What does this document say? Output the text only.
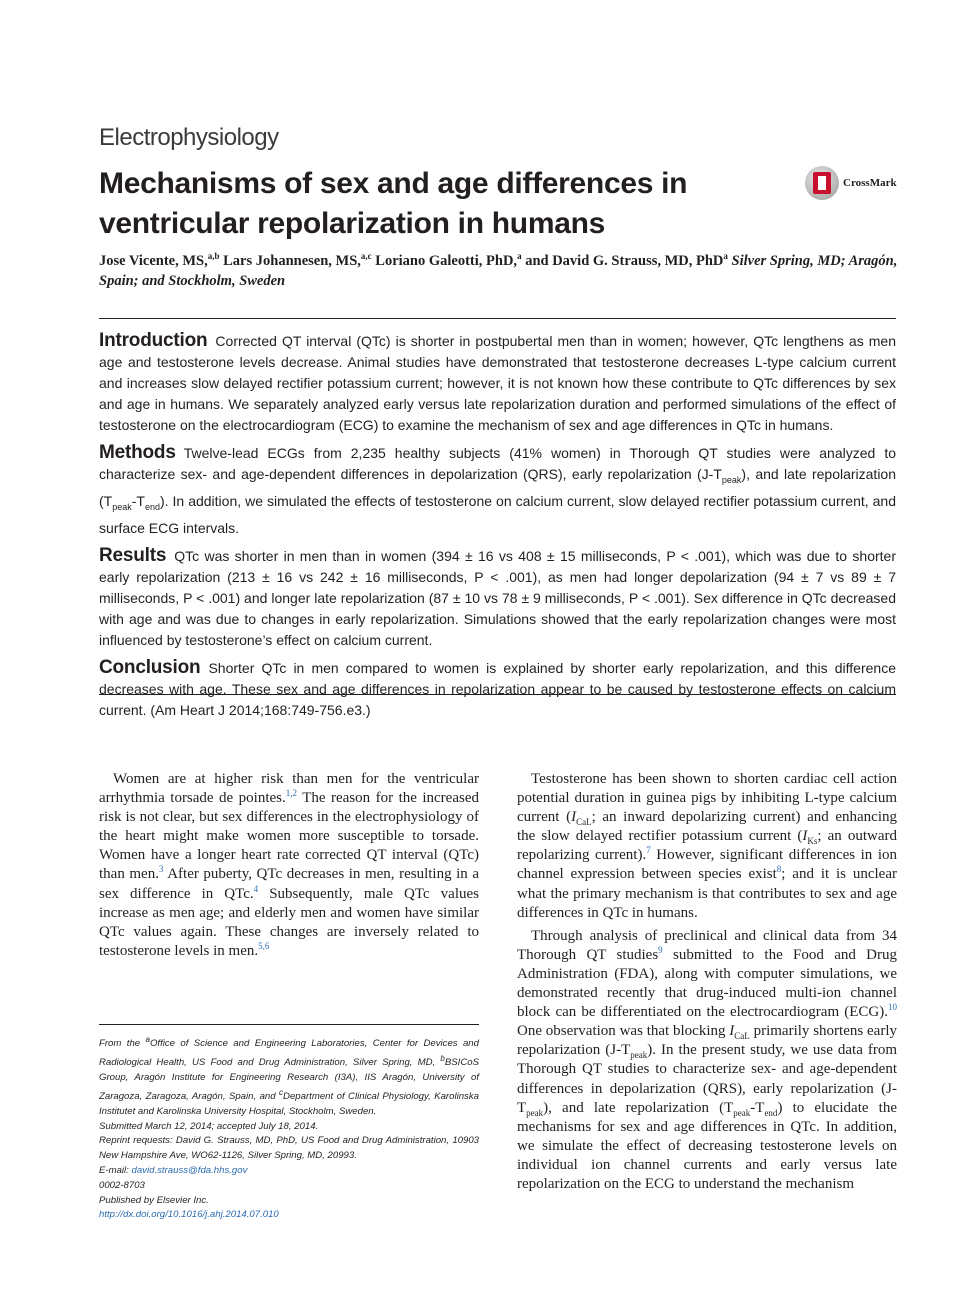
Electrophysiology
Mechanisms of sex and age differences in ventricular repolarization in humans
CrossMark
Jose Vicente, MS,$^{a,b}$ Lars Johannesen, MS,$^{a,c}$ Loriano Galeotti, PhD,$^a$ and David G. Strauss, MD, PhD$^a$ Silver Spring, MD; Aragón, Spain; and Stockholm, Sweden

Introduction Corrected QT interval (QTc) is shorter in postpubertal men than in women; however, QTc lengthens as men age and testosterone levels decrease. Animal studies have demonstrated that testosterone decreases L-type calcium current and increases slow delayed rectifier potassium current; however, it is not known how these contribute to QTc differences by sex and age in humans. We separately analyzed early versus late repolarization duration and performed simulations of the effect of testosterone on the electrocardiogram (ECG) to examine the mechanism of sex and age differences in QTc in humans.

Methods Twelve-lead ECGs from 2,235 healthy subjects (41% women) in Thorough QT studies were analyzed to characterize sex- and age-dependent differences in depolarization (QRS), early repolarization $(J-T_{peak})$, and late repolarization $(T_{peak}-T_{end})$. In addition, we simulated the effects of testosterone on calcium current, slow delayed rectifier potassium current, and surface ECG intervals.

Results QTc was shorter in men than in women (394 ± 16 vs 408 ± 15 milliseconds, P < .001), which was due to shorter early repolarization (213 ± 16 vs 242 ± 16 milliseconds, P < .001), as men had longer depolarization (94 ± 7 vs 89 ± 7 milliseconds, P < .001) and longer late repolarization (87 ± 10 vs 78 ± 9 milliseconds, P < .001). Sex difference in QTc decreased with age and was due to changes in early repolarization. Simulations showed that the early repolarization changes were most influenced by testosterone’s effect on calcium current.

Conclusion Shorter QTc in men compared to women is explained by shorter early repolarization, and this difference decreases with age. These sex and age differences in repolarization appear to be caused by testosterone effects on calcium current. (Am Heart J 2014;168:749-756.e3.)

Women are at higher risk than men for the ventricular arrhythmia torsade de pointes.$^{1,2}$ The reason for the increased risk is not clear, but sex differences in the electrophysiology of the heart might make women more susceptible to torsade. Women have a longer heart rate corrected QT interval (QTc) than men.$^3$ After puberty, QTc decreases in men, resulting in a sex difference in QTc.$^4$ Subsequently, male QTc values increase as men age; and elderly men and women have similar QTc values again. These changes are inversely related to testosterone levels in men.$^{5,6}$

From the $^a$Office of Science and Engineering Laboratories, Center for Devices and Radiological Health, US Food and Drug Administration, Silver Spring, MD, $^b$BSICoS Group, Aragón Institute for Engineering Research (I3A), IIS Aragón, University of Zaragoza, Zaragoza, Aragón, Spain, and $^c$Department of Clinical Physiology, Karolinska Institutet and Karolinska University Hospital, Stockholm, Sweden.
Submitted March 12, 2014; accepted July 18, 2014.
Reprint requests: David G. Strauss, MD, PhD, US Food and Drug Administration, 10903 New Hampshire Ave, WO62-1126, Silver Spring, MD, 20993.
E-mail: david.strauss@fda.hhs.gov
0002-8703
Published by Elsevier Inc.
http://dx.doi.org/10.1016/j.ahj.2014.07.010

Testosterone has been shown to shorten cardiac cell action potential duration in guinea pigs by inhibiting L-type calcium current ($I_{CaL}$; an inward depolarizing current) and enhancing the slow delayed rectifier potassium current ($I_{Ks}$; an outward repolarizing current).$^7$ However, significant differences in ion channel expression between species exist$^8$; and it is unclear what the primary mechanism is that contributes to sex and age differences in QTc in humans.

Through analysis of preclinical and clinical data from 34 Thorough QT studies$^9$ submitted to the Food and Drug Administration (FDA), along with computer simulations, we demonstrated recently that drug-induced multi-ion channel block can be differentiated on the electrocardiogram (ECG).$^{10}$ One observation was that blocking $I_{CaL}$ primarily shortens early repolarization $(J-T_{peak})$. In the present study, we use data from Thorough QT studies to characterize sex- and age-dependent differences in depolarization (QRS), early repolarization $(J-T_{peak})$, and late repolarization $(T_{peak}-T_{end})$ to elucidate the mechanisms for sex and age differences in QTc. In addition, we simulate the effect of decreasing testosterone levels on individual ion channel currents and early versus late repolarization on the ECG to understand the mechanism
